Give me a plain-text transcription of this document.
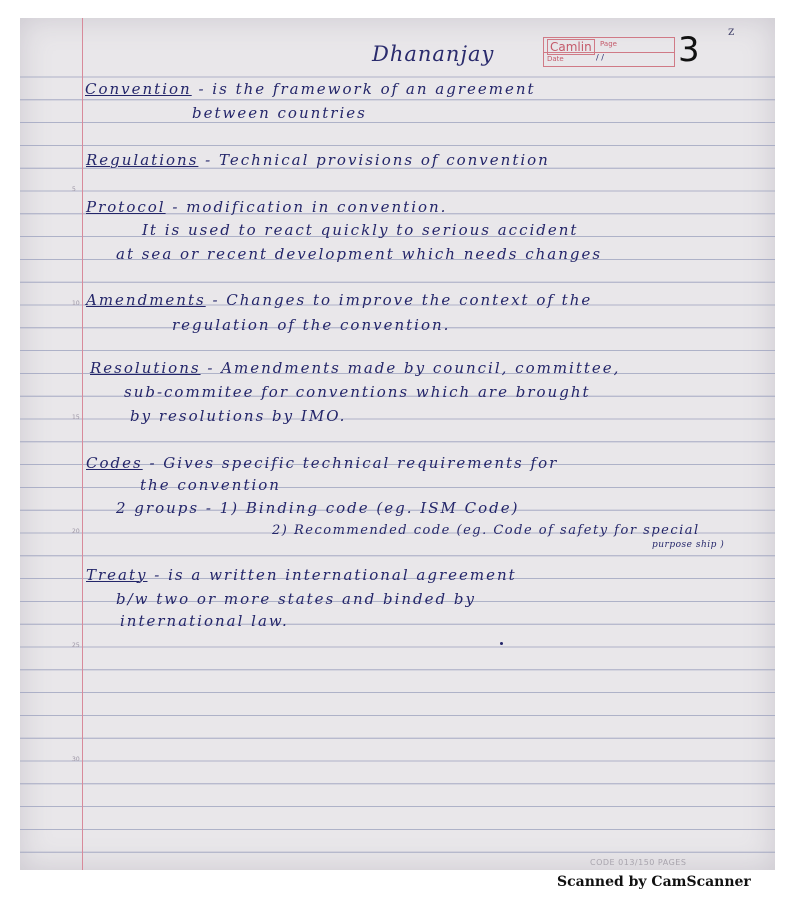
5
10
15
20
25
30
Dhananjay	Camlin	Page
Date	/ / 3 z
Convention - is the framework of an agreement
between countries
Regulations - Technical provisions of convention
Protocol - modification in convention.
It is used to react quickly to serious accident
at sea or recent development which needs changes
Amendments - Changes to improve the context of the
regulation of the convention.
Resolutions - Amendments made by council, committee,
sub-commitee for conventions which are brought
by resolutions by IMO.
Codes - Gives specific technical requirements for
the convention
2 groups - 1) Binding code (eg. ISM Code)
2) Recommended code (eg. Code of safety for special
purpose ship )
Treaty - is a written international agreement
b/w two or more states and binded by
international law.
CODE 013/150 PAGES
Scanned by CamScanner
